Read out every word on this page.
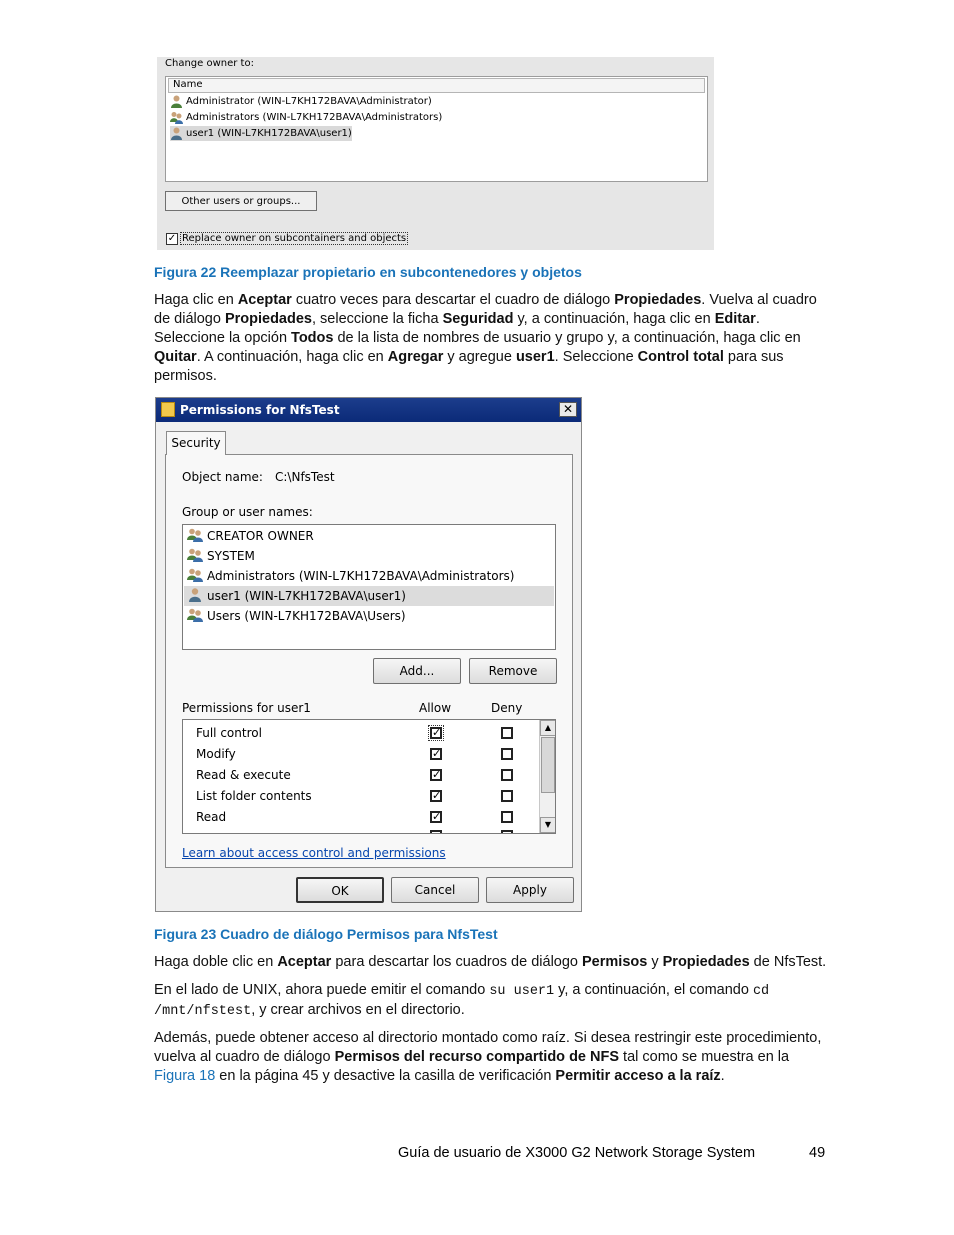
Change owner to:
Name
Administrator (WIN-L7KH172BAVA\Administrator)
Administrators (WIN-L7KH172BAVA\Administrators)
user1 (WIN-L7KH172BAVA\user1)
Other users or groups...
✓ Replace owner on subcontainers and objects
Figura 22 Reemplazar propietario en subcontenedores y objetos
Haga clic en Aceptar cuatro veces para descartar el cuadro de diálogo Propiedades. Vuelva al cuadro de diálogo Propiedades, seleccione la ficha Seguridad y, a continuación, haga clic en Editar. Seleccione la opción Todos de la lista de nombres de usuario y grupo y, a continuación, haga clic en Quitar. A continuación, haga clic en Agregar y agregue user1. Seleccione Control total para sus permisos.
Permissions for NfsTest	✕
Security
Object name: C:\NfsTest
Group or user names:
CREATOR OWNER
SYSTEM
Administrators (WIN-L7KH172BAVA\Administrators)
user1 (WIN-L7KH172BAVA\user1)
Users (WIN-L7KH172BAVA\Users)
Add...	Remove
Permissions for user1	Allow	Deny
Full control	✓
Modify	✓
Read & execute	✓
List folder contents	✓
Read	✓
▲
▼
Learn about access control and permissions
OK	Cancel	Apply
Figura 23 Cuadro de diálogo Permisos para NfsTest
Haga doble clic en Aceptar para descartar los cuadros de diálogo Permisos y Propiedades de NfsTest.
En el lado de UNIX, ahora puede emitir el comando su user1 y, a continuación, el comando cd /mnt/nfstest, y crear archivos en el directorio.
Además, puede obtener acceso al directorio montado como raíz. Si desea restringir este procedimiento, vuelva al cuadro de diálogo Permisos del recurso compartido de NFS tal como se muestra en la Figura 18 en la página 45 y desactive la casilla de verificación Permitir acceso a la raíz.
Guía de usuario de X3000 G2 Network Storage System	49
